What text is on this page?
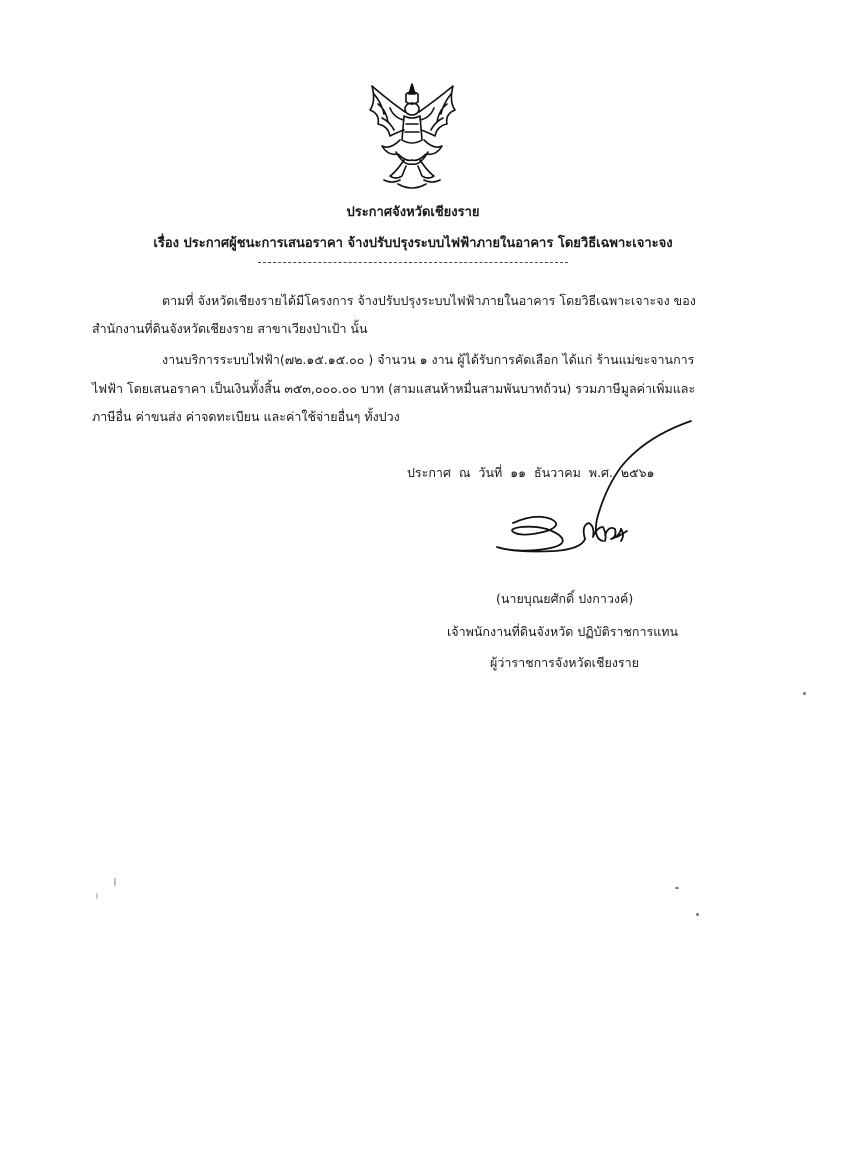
ประกาศจังหวัดเชียงราย
เรื่อง ประกาศผู้ชนะการเสนอราคา จ้างปรับปรุงระบบไฟฟ้าภายในอาคาร โดยวิธีเฉพาะเจาะจง
ตามที่ จังหวัดเชียงรายได้มีโครงการ จ้างปรับปรุงระบบไฟฟ้าภายในอาคาร โดยวิธีเฉพาะเจาะจง ของ
สำนักงานที่ดินจังหวัดเชียงราย สาขาเวียงป่าเป้า นั้น
งานบริการระบบไฟฟ้า(๗๒.๑๕.๑๕.๐๐ ) จำนวน ๑ งาน ผู้ได้รับการคัดเลือก ได้แก่ ร้านแม่ขะจานการ
ไฟฟ้า โดยเสนอราคา เป็นเงินทั้งสิ้น ๓๕๓,๐๐๐.๐๐ บาท (สามแสนห้าหมื่นสามพันบาทถ้วน) รวมภาษีมูลค่าเพิ่มและ
ภาษีอื่น ค่าขนส่ง ค่าจดทะเบียน และค่าใช้จ่ายอื่นๆ ทั้งปวง
ประกาศ ณ วันที่ ๑๑ ธันวาคม พ.ศ. ๒๕๖๑
(นายบุณยศักดิ์ ปงกาวงค์)
เจ้าพนักงานที่ดินจังหวัด ปฏิบัติราชการแทน
ผู้ว่าราชการจังหวัดเชียงราย
